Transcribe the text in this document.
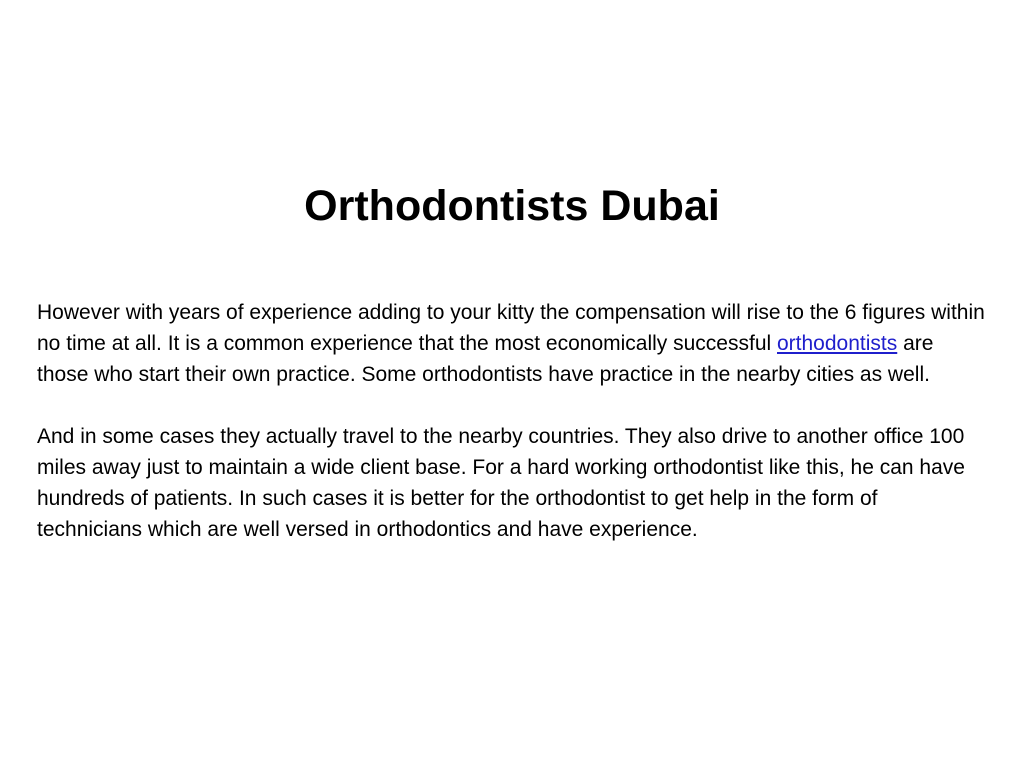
Orthodontists Dubai

However with years of experience adding to your kitty the compensation will rise to the 6 figures within no time at all. It is a common experience that the most economically successful orthodontists are those who start their own practice. Some orthodontists have practice in the nearby cities as well.

And in some cases they actually travel to the nearby countries. They also drive to another office 100 miles away just to maintain a wide client base. For a hard working orthodontist like this, he can have hundreds of patients. In such cases it is better for the orthodontist to get help in the form of technicians which are well versed in orthodontics and have experience.
